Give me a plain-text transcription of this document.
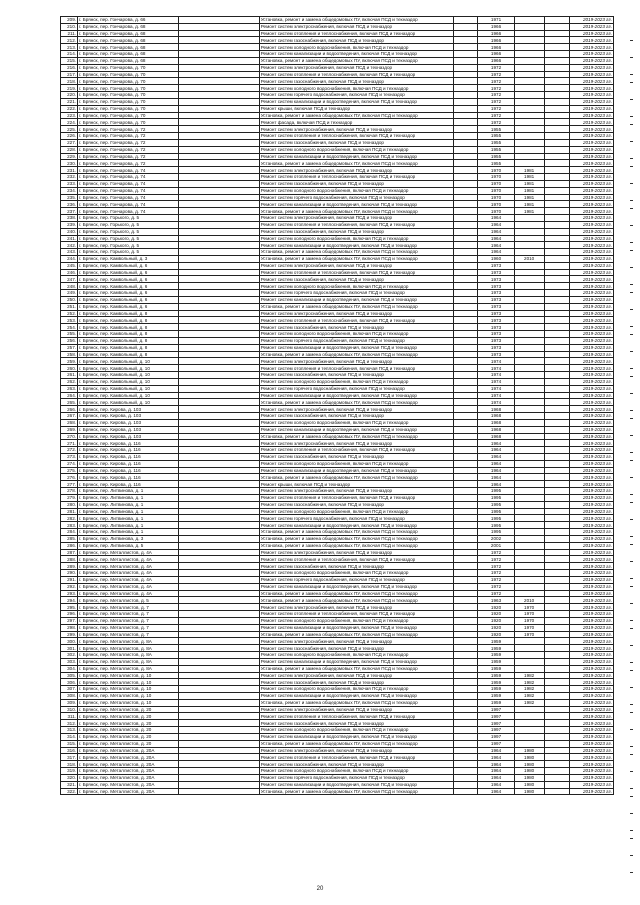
209.	г. Брянск, пер. Гончарова, д. 66		Установка, ремонт и замена общедомовых ПУ, включая ПСД и техназдор		1971			2019-2023 гг.
210.	г. Брянск, пер. Гончарова, д. 68		Ремонт систем электроснабжения, включая ПСД и техназдор		1966			2019-2023 гг.
211.	г. Брянск, пер. Гончарова, д. 68		Ремонт систем отопления и теплоснабжения, включая ПСД и техназдор		1966			2019-2023 гг.
212.	г. Брянск, пер. Гончарова, д. 68		Ремонт систем газоснабжения, включая ПСД и техназдор		1966			2019-2023 гг.
213.	г. Брянск, пер. Гончарова, д. 68		Ремонт систем холодного водоснабжения, включая ПСД и техназдор		1966			2019-2023 гг.
214.	г. Брянск, пер. Гончарова, д. 68		Ремонт систем канализации и водоотведения, включая ПСД и техназдор		1966			2019-2023 гг.
215.	г. Брянск, пер. Гончарова, д. 68		Установка, ремонт и замена общедомовых ПУ, включая ПСД и техназдор		1966			2019-2023 гг.
216.	г. Брянск, пер. Гончарова, д. 70		Ремонт систем электроснабжения, включая ПСД и техназдор		1972			2019-2023 гг.
217.	г. Брянск, пер. Гончарова, д. 70		Ремонт систем отопления и теплоснабжения, включая ПСД и техназдор		1972			2019-2023 гг.
218.	г. Брянск, пер. Гончарова, д. 70		Ремонт систем газоснабжения, включая ПСД и техназдор		1972			2019-2023 гг.
219.	г. Брянск, пер. Гончарова, д. 70		Ремонт систем холодного водоснабжения, включая ПСД и техназдор		1972			2019-2023 гг.
220.	г. Брянск, пер. Гончарова, д. 70		Ремонт систем горячего водоснабжения, включая ПСД и техназдор		1972			2019-2023 гг.
221.	г. Брянск, пер. Гончарова, д. 70		Ремонт систем канализации и водоотведения, включая ПСД и техназдор		1972			2019-2023 гг.
222.	г. Брянск, пер. Гончарова, д. 70		Ремонт крыши, включая ПСД и техназдор		1972			2019-2023 гг.
223.	г. Брянск, пер. Гончарова, д. 70		Установка, ремонт и замена общедомовых ПУ, включая ПСД и техназдор		1972			2019-2023 гг.
224.	г. Брянск, пер. Гончарова, д. 70		Ремонт фасада, включая ПСД и техназдор		1972			2019-2023 гг.
225.	г. Брянск, пер. Гончарова, д. 72		Ремонт систем электроснабжения, включая ПСД и техназдор		1955			2019-2023 гг.
226.	г. Брянск, пер. Гончарова, д. 72		Ремонт систем отопления и теплоснабжения, включая ПСД и техназдор		1955			2019-2023 гг.
227.	г. Брянск, пер. Гончарова, д. 72		Ремонт систем газоснабжения, включая ПСД и техназдор		1955			2019-2023 гг.
228.	г. Брянск, пер. Гончарова, д. 72		Ремонт систем холодного водоснабжения, включая ПСД и техназдор		1955			2019-2023 гг.
229.	г. Брянск, пер. Гончарова, д. 72		Ремонт систем канализации и водоотведения, включая ПСД и техназдор		1955			2019-2023 гг.
230.	г. Брянск, пер. Гончарова, д. 72		Установка, ремонт и замена общедомовых ПУ, включая ПСД и техназдор		1955			2019-2023 гг.
231.	г. Брянск, пер. Гончарова, д. 74		Ремонт систем электроснабжения, включая ПСД и техназдор		1970	1981		2019-2023 гг.
232.	г. Брянск, пер. Гончарова, д. 74		Ремонт систем отопления и теплоснабжения, включая ПСД и техназдор		1970	1981		2019-2023 гг.
233.	г. Брянск, пер. Гончарова, д. 74		Ремонт систем газоснабжения, включая ПСД и техназдор		1970	1981		2019-2023 гг.
234.	г. Брянск, пер. Гончарова, д. 74		Ремонт систем холодного водоснабжения, включая ПСД и техназдор		1970	1981		2019-2023 гг.
235.	г. Брянск, пер. Гончарова, д. 74		Ремонт систем горячего водоснабжения, включая ПСД и техназдор		1970	1981		2019-2023 гг.
236.	г. Брянск, пер. Гончарова, д. 74		Ремонт систем канализации и водоотведения, включая ПСД и техназдор		1970	1981		2019-2023 гг.
237.	г. Брянск, пер. Гончарова, д. 74		Установка, ремонт и замена общедомовых ПУ, включая ПСД и техназдор		1970	1981		2019-2023 гг.
238.	г. Брянск, пер. Горького, д. 5		Ремонт систем электроснабжения, включая ПСД и техназдор		1964			2019-2023 гг.
239.	г. Брянск, пер. Горького, д. 5		Ремонт систем отопления и теплоснабжения, включая ПСД и техназдор		1964			2019-2023 гг.
240.	г. Брянск, пер. Горького, д. 5		Ремонт систем газоснабжения, включая ПСД и техназдор		1964			2019-2023 гг.
241.	г. Брянск, пер. Горького, д. 5		Ремонт систем холодного водоснабжения, включая ПСД и техназдор		1964			2019-2023 гг.
242.	г. Брянск, пер. Горького, д. 5		Ремонт систем канализации и водоотведения, включая ПСД и техназдор		1964			2019-2023 гг.
243.	г. Брянск, пер. Горького, д. 5		Установка, ремонт и замена общедомовых ПУ, включая ПСД и техназдор		1964			2019-2023 гг.
244.	г. Брянск, пер. Камвольный, д. 3		Установка, ремонт и замена общедомовых ПУ, включая ПСД и техназдор		1960	2010		2019-2023 гг.
245.	г. Брянск, пер. Камвольный, д. 6		Ремонт систем электроснабжения, включая ПСД и техназдор		1973			2019-2023 гг.
246.	г. Брянск, пер. Камвольный, д. 6		Ремонт систем отопления и теплоснабжения, включая ПСД и техназдор		1973			2019-2023 гг.
247.	г. Брянск, пер. Камвольный, д. 6		Ремонт систем газоснабжения, включая ПСД и техназдор		1973			2019-2023 гг.
248.	г. Брянск, пер. Камвольный, д. 6		Ремонт систем холодного водоснабжения, включая ПСД и техназдор		1973			2019-2023 гг.
249.	г. Брянск, пер. Камвольный, д. 6		Ремонт систем горячего водоснабжения, включая ПСД и техназдор		1973			2019-2023 гг.
250.	г. Брянск, пер. Камвольный, д. 6		Ремонт систем канализации и водоотведения, включая ПСД и техназдор		1973			2019-2023 гг.
251.	г. Брянск, пер. Камвольный, д. 6		Установка, ремонт и замена общедомовых ПУ, включая ПСД и техназдор		1973			2019-2023 гг.
252.	г. Брянск, пер. Камвольный, д. 8		Ремонт систем электроснабжения, включая ПСД и техназдор		1973			2019-2023 гг.
253.	г. Брянск, пер. Камвольный, д. 8		Ремонт систем отопления и теплоснабжения, включая ПСД и техназдор		1973			2019-2023 гг.
254.	г. Брянск, пер. Камвольный, д. 8		Ремонт систем газоснабжения, включая ПСД и техназдор		1973			2019-2023 гг.
255.	г. Брянск, пер. Камвольный, д. 8		Ремонт систем холодного водоснабжения, включая ПСД и техназдор		1973			2019-2023 гг.
256.	г. Брянск, пер. Камвольный, д. 8		Ремонт систем горячего водоснабжения, включая ПСД и техназдор		1973			2019-2023 гг.
257.	г. Брянск, пер. Камвольный, д. 8		Ремонт систем канализации и водоотведения, включая ПСД и техназдор		1973			2019-2023 гг.
258.	г. Брянск, пер. Камвольный, д. 8		Установка, ремонт и замена общедомовых ПУ, включая ПСД и техназдор		1973			2019-2023 гг.
259.	г. Брянск, пер. Камвольный, д. 10		Ремонт систем электроснабжения, включая ПСД и техназдор		1974			2019-2023 гг.
260.	г. Брянск, пер. Камвольный, д. 10		Ремонт систем отопления и теплоснабжения, включая ПСД и техназдор		1974			2019-2023 гг.
261.	г. Брянск, пер. Камвольный, д. 10		Ремонт систем газоснабжения, включая ПСД и техназдор		1974			2019-2023 гг.
262.	г. Брянск, пер. Камвольный, д. 10		Ремонт систем холодного водоснабжения, включая ПСД и техназдор		1974			2019-2023 гг.
263.	г. Брянск, пер. Камвольный, д. 10		Ремонт систем горячего водоснабжения, включая ПСД и техназдор		1974			2019-2023 гг.
264.	г. Брянск, пер. Камвольный, д. 10		Ремонт систем канализации и водоотведения, включая ПСД и техназдор		1974			2019-2023 гг.
265.	г. Брянск, пер. Камвольный, д. 10		Установка, ремонт и замена общедомовых ПУ, включая ПСД и техназдор		1974			2019-2023 гг.
266.	г. Брянск, пер. Кирова, д. 103		Ремонт систем электроснабжения, включая ПСД и техназдор		1968			2019-2023 гг.
267.	г. Брянск, пер. Кирова, д. 103		Ремонт систем газоснабжения, включая ПСД и техназдор		1968			2019-2023 гг.
268.	г. Брянск, пер. Кирова, д. 103		Ремонт систем холодного водоснабжения, включая ПСД и техназдор		1968			2019-2023 гг.
269.	г. Брянск, пер. Кирова, д. 103		Ремонт систем канализации и водоотведения, включая ПСД и техназдор		1968			2019-2023 гг.
270.	г. Брянск, пер. Кирова, д. 103		Установка, ремонт и замена общедомовых ПУ, включая ПСД и техназдор		1968			2019-2023 гг.
271.	г. Брянск, пер. Кирова, д. 116		Ремонт систем электроснабжения, включая ПСД и техназдор		1964			2019-2023 гг.
272.	г. Брянск, пер. Кирова, д. 116		Ремонт систем отопления и теплоснабжения, включая ПСД и техназдор		1964			2019-2023 гг.
273.	г. Брянск, пер. Кирова, д. 116		Ремонт систем газоснабжения, включая ПСД и техназдор		1964			2019-2023 гг.
274.	г. Брянск, пер. Кирова, д. 116		Ремонт систем холодного водоснабжения, включая ПСД и техназдор		1964			2019-2023 гг.
275.	г. Брянск, пер. Кирова, д. 116		Ремонт систем канализации и водоотведения, включая ПСД и техназдор		1964			2019-2023 гг.
276.	г. Брянск, пер. Кирова, д. 116		Установка, ремонт и замена общедомовых ПУ, включая ПСД и техназдор		1964			2019-2023 гг.
277.	г. Брянск, пер. Кирова, д. 116		Ремонт крыши, включая ПСД и техназдор		1964			2019-2023 гг.
278.	г. Брянск, пер. Литвинова, д. 1		Ремонт систем электроснабжения, включая ПСД и техназдор		1995			2019-2023 гг.
279.	г. Брянск, пер. Литвинова, д. 1		Ремонт систем отопления и теплоснабжения, включая ПСД и техназдор		1995			2019-2023 гг.
280.	г. Брянск, пер. Литвинова, д. 1		Ремонт систем газоснабжения, включая ПСД и техназдор		1995			2019-2023 гг.
281.	г. Брянск, пер. Литвинова, д. 1		Ремонт систем холодного водоснабжения, включая ПСД и техназдор		1995			2019-2023 гг.
282.	г. Брянск, пер. Литвинова, д. 1		Ремонт систем горячего водоснабжения, включая ПСД и техназдор		1995			2019-2023 гг.
283.	г. Брянск, пер. Литвинова, д. 1		Ремонт систем канализации и водоотведения, включая ПСД и техназдор		1995			2019-2023 гг.
284.	г. Брянск, пер. Литвинова, д. 1		Установка, ремонт и замена общедомовых ПУ, включая ПСД и техназдор		1995			2019-2023 гг.
285.	г. Брянск, пер. Литвинова, д. 3		Установка, ремонт и замена общедомовых ПУ, включая ПСД и техназдор		2002			2019-2023 гг.
286.	г. Брянск, пер. Литвинова, д. 5		Установка, ремонт и замена общедомовых ПУ, включая ПСД и техназдор		2001			2019-2023 гг.
287.	г. Брянск, пер. Металлистов, д. 4А		Ремонт систем электроснабжения, включая ПСД и техназдор		1972			2019-2023 гг.
288.	г. Брянск, пер. Металлистов, д. 4А		Ремонт систем отопления и теплоснабжения, включая ПСД и техназдор		1972			2019-2023 гг.
289.	г. Брянск, пер. Металлистов, д. 4А		Ремонт систем газоснабжения, включая ПСД и техназдор		1972			2019-2023 гг.
290.	г. Брянск, пер. Металлистов, д. 4А		Ремонт систем холодного водоснабжения, включая ПСД и техназдор		1972			2019-2023 гг.
291.	г. Брянск, пер. Металлистов, д. 4А		Ремонт систем горячего водоснабжения, включая ПСД и техназдор		1972			2019-2023 гг.
292.	г. Брянск, пер. Металлистов, д. 4А		Ремонт систем канализации и водоотведения, включая ПСД и техназдор		1972			2019-2023 гг.
293.	г. Брянск, пер. Металлистов, д. 4А		Установка, ремонт и замена общедомовых ПУ, включая ПСД и техназдор		1972			2019-2023 гг.
294.	г. Брянск, пер. Металлистов, д. 5		Установка, ремонт и замена общедомовых ПУ, включая ПСД и техназдор		1963	2010		2019-2023 гг.
295.	г. Брянск, пер. Металлистов, д. 7		Ремонт систем электроснабжения, включая ПСД и техназдор		1920	1970		2019-2023 гг.
296.	г. Брянск, пер. Металлистов, д. 7		Ремонт систем отопления и теплоснабжения, включая ПСД и техназдор		1920	1970		2019-2023 гг.
297.	г. Брянск, пер. Металлистов, д. 7		Ремонт систем холодного водоснабжения, включая ПСД и техназдор		1920	1970		2019-2023 гг.
298.	г. Брянск, пер. Металлистов, д. 7		Ремонт систем канализации и водоотведения, включая ПСД и техназдор		1920	1970		2019-2023 гг.
299.	г. Брянск, пер. Металлистов, д. 7		Установка, ремонт и замена общедомовых ПУ, включая ПСД и техназдор		1920	1970		2019-2023 гг.
300.	г. Брянск, пер. Металлистов, д. 8А		Ремонт систем электроснабжения, включая ПСД и техназдор		1959			2019-2023 гг.
301.	г. Брянск, пер. Металлистов, д. 8А		Ремонт систем газоснабжения, включая ПСД и техназдор		1959			2019-2023 гг.
302.	г. Брянск, пер. Металлистов, д. 8А		Ремонт систем холодного водоснабжения, включая ПСД и техназдор		1959			2019-2023 гг.
303.	г. Брянск, пер. Металлистов, д. 8А		Ремонт систем канализации и водоотведения, включая ПСД и техназдор		1959			2019-2023 гг.
304.	г. Брянск, пер. Металлистов, д. 8А		Установка, ремонт и замена общедомовых ПУ, включая ПСД и техназдор		1959			2019-2023 гг.
305.	г. Брянск, пер. Металлистов, д. 10		Ремонт систем электроснабжения, включая ПСД и техназдор		1959	1982		2019-2023 гг.
306.	г. Брянск, пер. Металлистов, д. 10		Ремонт систем газоснабжения, включая ПСД и техназдор		1959	1982		2019-2023 гг.
307.	г. Брянск, пер. Металлистов, д. 10		Ремонт систем холодного водоснабжения, включая ПСД и техназдор		1959	1982		2019-2023 гг.
308.	г. Брянск, пер. Металлистов, д. 10		Ремонт систем канализации и водоотведения, включая ПСД и техназдор		1959	1982		2019-2023 гг.
309.	г. Брянск, пер. Металлистов, д. 10		Установка, ремонт и замена общедомовых ПУ, включая ПСД и техназдор		1959	1982		2019-2023 гг.
310.	г. Брянск, пер. Металлистов, д. 20		Ремонт систем электроснабжения, включая ПСД и техназдор		1997			2019-2023 гг.
311.	г. Брянск, пер. Металлистов, д. 20		Ремонт систем отопления и теплоснабжения, включая ПСД и техназдор		1997			2019-2023 гг.
312.	г. Брянск, пер. Металлистов, д. 20		Ремонт систем газоснабжения, включая ПСД и техназдор		1997			2019-2023 гг.
313.	г. Брянск, пер. Металлистов, д. 20		Ремонт систем холодного водоснабжения, включая ПСД и техназдор		1997			2019-2023 гг.
314.	г. Брянск, пер. Металлистов, д. 20		Ремонт систем канализации и водоотведения, включая ПСД и техназдор		1997			2019-2023 гг.
315.	г. Брянск, пер. Металлистов, д. 20		Установка, ремонт и замена общедомовых ПУ, включая ПСД и техназдор		1997			2019-2023 гг.
316.	г. Брянск, пер. Металлистов, д. 20А		Ремонт систем электроснабжения, включая ПСД и техназдор		1964	1980		2019-2023 гг.
317.	г. Брянск, пер. Металлистов, д. 20А		Ремонт систем отопления и теплоснабжения, включая ПСД и техназдор		1964	1980		2019-2023 гг.
318.	г. Брянск, пер. Металлистов, д. 20А		Ремонт систем газоснабжения, включая ПСД и техназдор		1964	1980		2019-2023 гг.
319.	г. Брянск, пер. Металлистов, д. 20А		Ремонт систем холодного водоснабжения, включая ПСД и техназдор		1964	1980		2019-2023 гг.
320.	г. Брянск, пер. Металлистов, д. 20А		Ремонт систем горячего водоснабжения, включая ПСД и техназдор		1964	1980		2019-2023 гг.
321.	г. Брянск, пер. Металлистов, д. 20А		Ремонт систем канализации и водоотведения, включая ПСД и техназдор		1964	1980		2019-2023 гг.
322.	г. Брянск, пер. Металлистов, д. 20А		Установка, ремонт и замена общедомовых ПУ, включая ПСД и техназдор		1964	1980		2019-2023 гг.
20
